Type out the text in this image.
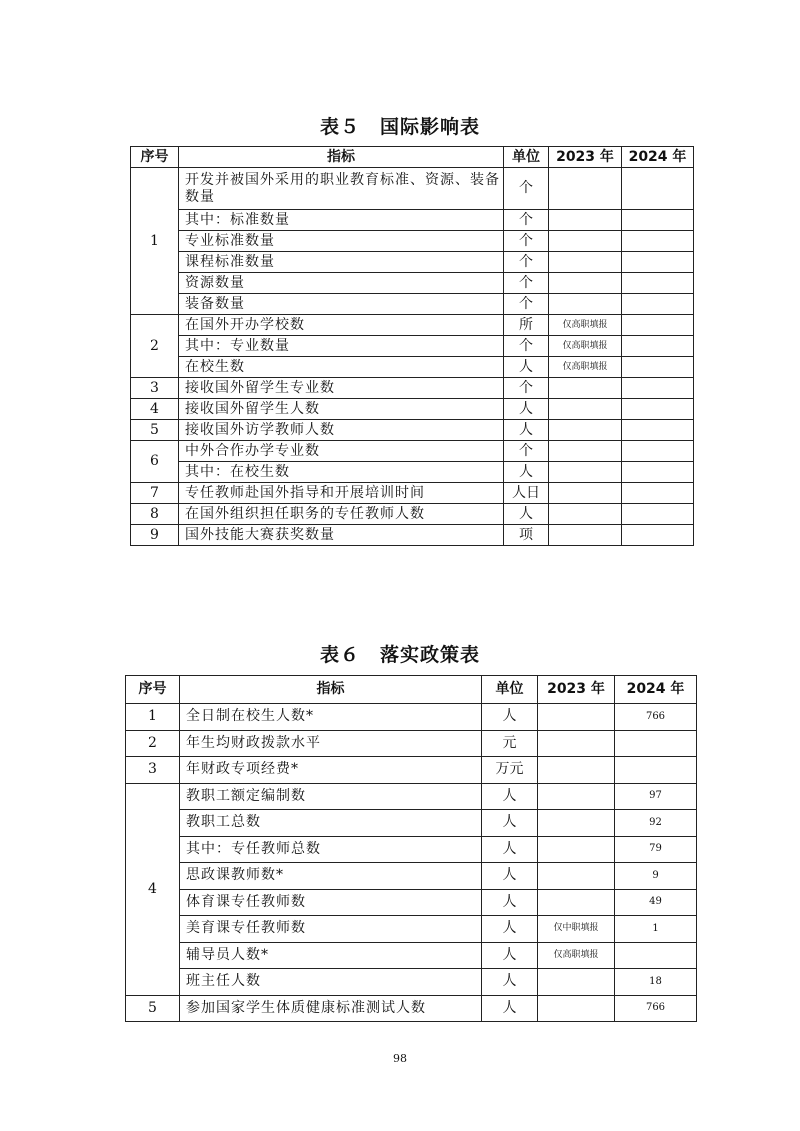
表５　国际影响表
序号	指标	单位	2023 年	2024 年
1	开发并被国外采用的职业教育标准、资源、装备数量	个		
	其中：标准数量	个		
	专业标准数量	个		
	课程标准数量	个		
	资源数量	个		
	装备数量	个		
2	在国外开办学校数	所	仅高职填报	
	其中：专业数量	个	仅高职填报	
	在校生数	人	仅高职填报	
3	接收国外留学生专业数	个		
4	接收国外留学生人数	人		
5	接收国外访学教师人数	人		
6	中外合作办学专业数	个		
	其中：在校生数	人		
7	专任教师赴国外指导和开展培训时间	人日		
8	在国外组织担任职务的专任教师人数	人		
9	国外技能大赛获奖数量	项		
表６　落实政策表
序号	指标	单位	2023 年	2024 年
1	全日制在校生人数*	人		766
2	年生均财政拨款水平	元		
3	年财政专项经费*	万元		
4	教职工额定编制数	人		97
	教职工总数	人		92
	其中：专任教师总数	人		79
	思政课教师数*	人		9
	体育课专任教师数	人		49
	美育课专任教师数	人	仅中职填报	1
	辅导员人数*	人	仅高职填报	
	班主任人数	人		18
5	参加国家学生体质健康标准测试人数	人		766
98
